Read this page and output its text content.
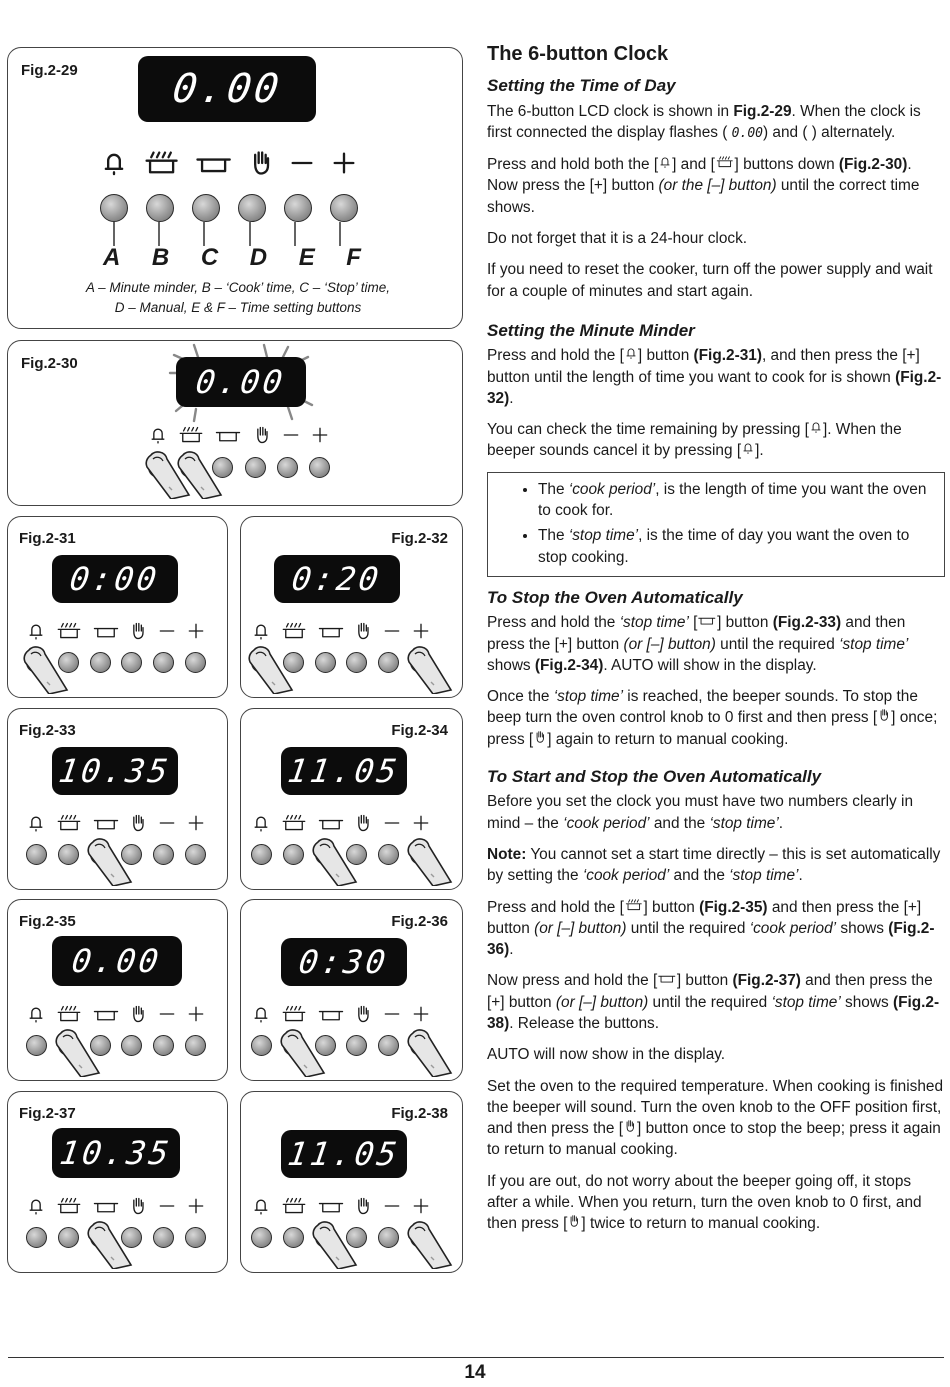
Fig.2-29 0.00
A B C D E F
A – Minute minder, B – ‘Cook’ time, C – ‘Stop’ time,
D – Manual, E & F – Time setting buttons
Fig.2-30	0.00
Fig.2-31
0:00
Fig.2-32
0:20
Fig.2-33
10.35
Fig.2-34
11.05
Fig.2-35
0.00
Fig.2-36
0:30
Fig.2-37
10.35
Fig.2-38
11.05
The 6-button Clock
Setting the Time of Day

The 6-button LCD clock is shown in Fig.2-29. When the clock is first connected the display flashes ( 0.00) and ( ) alternately.

Press and hold both the [ ] and [ ] buttons down (Fig.2-30). Now press the [+] button (or the [–] button) until the correct time shows.

Do not forget that it is a 24-hour clock.

If you need to reset the cooker, turn off the power supply and wait for a couple of minutes and start again.

Setting the Minute Minder

Press and hold the [ ] button (Fig.2-31), and then press the [+] button until the length of time you want to cook for is shown (Fig.2-32).

You can check the time remaining by pressing [ ]. When the beeper sounds cancel it by pressing [ ].

• The ‘cook period’, is the length of time you want the oven to cook for.
• The ‘stop time’, is the time of day you want the oven to stop cooking.
To Stop the Oven Automatically

Press and hold the ‘stop time’ [ ] button (Fig.2-33) and then press the [+] button (or [–] button) until the required ‘stop time’ shows (Fig.2-34). AUTO will show in the display.

Once the ‘stop time’ is reached, the beeper sounds. To stop the beep turn the oven control knob to 0 first and then press [ ] once; press [ ] again to return to manual cooking.

To Start and Stop the Oven Automatically

Before you set the clock you must have two numbers clearly in mind – the ‘cook period’ and the ‘stop time’.

Note: You cannot set a start time directly – this is set automatically by setting the ‘cook period’ and the ‘stop time’.

Press and hold the [ ] button (Fig.2-35) and then press the [+] button (or [–] button) until the required ‘cook period’ shows (Fig.2-36).

Now press and hold the [ ] button (Fig.2-37) and then press the [+] button (or [–] button) until the required ‘stop time’ shows (Fig.2-38). Release the buttons.

AUTO will now show in the display.

Set the oven to the required temperature. When cooking is finished the beeper will sound. Turn the oven knob to the OFF position first, and then press the [ ] button once to stop the beep; press it again to return to manual cooking.

If you are out, do not worry about the beeper going off, it stops after a while. When you return, turn the oven knob to 0 first, and then press [ ] twice to return to manual cooking.

14
